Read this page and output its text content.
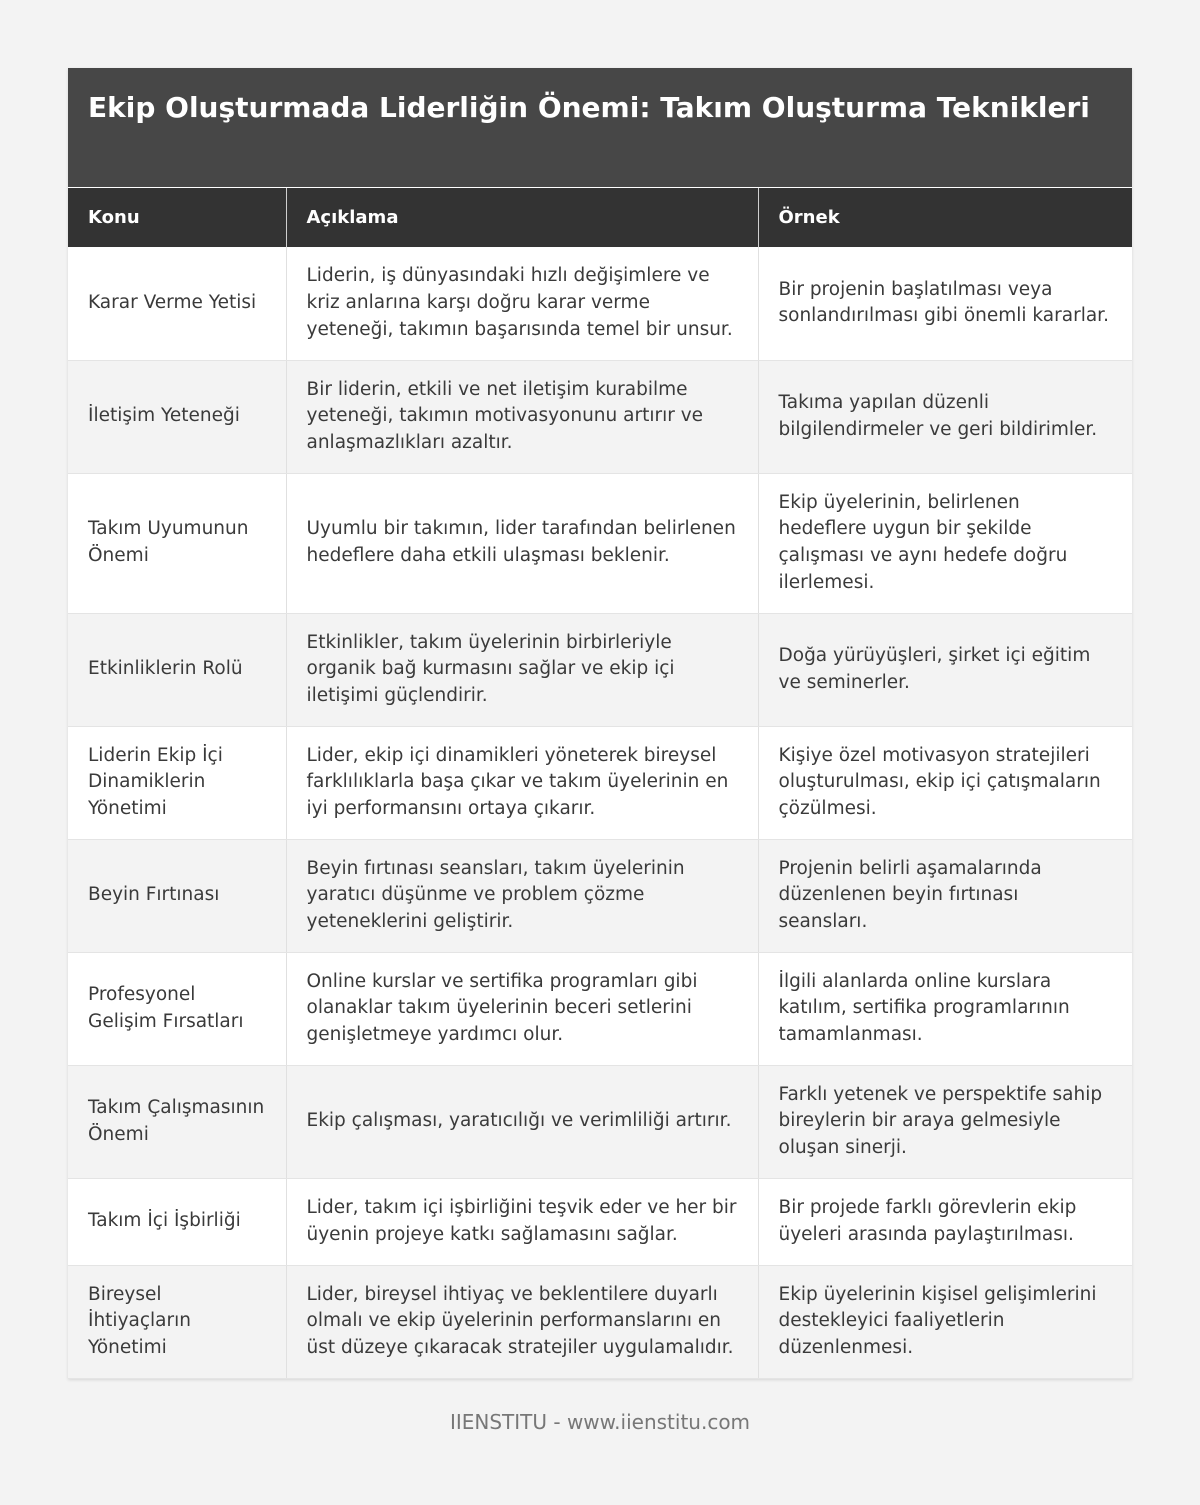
Ekip Oluşturmada Liderliğin Önemi: Takım Oluşturma Teknikleri
Konu	Açıklama	Örnek
Karar Verme Yetisi	Liderin, iş dünyasındaki hızlı değişimlere ve kriz anlarına karşı doğru karar verme yeteneği, takımın başarısında temel bir unsur.	Bir projenin başlatılması veya sonlandırılması gibi önemli kararlar.
İletişim Yeteneği	Bir liderin, etkili ve net iletişim kurabilme yeteneği, takımın motivasyonunu artırır ve anlaşmazlıkları azaltır.	Takıma yapılan düzenli bilgilendirmeler ve geri bildirimler.
Takım Uyumunun Önemi	Uyumlu bir takımın, lider tarafından belirlenen hedeflere daha etkili ulaşması beklenir.	Ekip üyelerinin, belirlenen hedeflere uygun bir şekilde çalışması ve aynı hedefe doğru ilerlemesi.
Etkinliklerin Rolü	Etkinlikler, takım üyelerinin birbirleriyle organik bağ kurmasını sağlar ve ekip içi iletişimi güçlendirir.	Doğa yürüyüşleri, şirket içi eğitim ve seminerler.
Liderin Ekip İçi Dinamiklerin Yönetimi	Lider, ekip içi dinamikleri yöneterek bireysel farklılıklarla başa çıkar ve takım üyelerinin en iyi performansını ortaya çıkarır.	Kişiye özel motivasyon stratejileri oluşturulması, ekip içi çatışmaların çözülmesi.
Beyin Fırtınası	Beyin fırtınası seansları, takım üyelerinin yaratıcı düşünme ve problem çözme yeteneklerini geliştirir.	Projenin belirli aşamalarında düzenlenen beyin fırtınası seansları.
Profesyonel Gelişim Fırsatları	Online kurslar ve sertifika programları gibi olanaklar takım üyelerinin beceri setlerini genişletmeye yardımcı olur.	İlgili alanlarda online kurslara katılım, sertifika programlarının tamamlanması.
Takım Çalışmasının Önemi	Ekip çalışması, yaratıcılığı ve verimliliği artırır.	Farklı yetenek ve perspektife sahip bireylerin bir araya gelmesiyle oluşan sinerji.
Takım İçi İşbirliği	Lider, takım içi işbirliğini teşvik eder ve her bir üyenin projeye katkı sağlamasını sağlar.	Bir projede farklı görevlerin ekip üyeleri arasında paylaştırılması.
Bireysel İhtiyaçların Yönetimi	Lider, bireysel ihtiyaç ve beklentilere duyarlı olmalı ve ekip üyelerinin performanslarını en üst düzeye çıkaracak stratejiler uygulamalıdır.	Ekip üyelerinin kişisel gelişimlerini destekleyici faaliyetlerin düzenlenmesi.
IIENSTITU - www.iienstitu.com
